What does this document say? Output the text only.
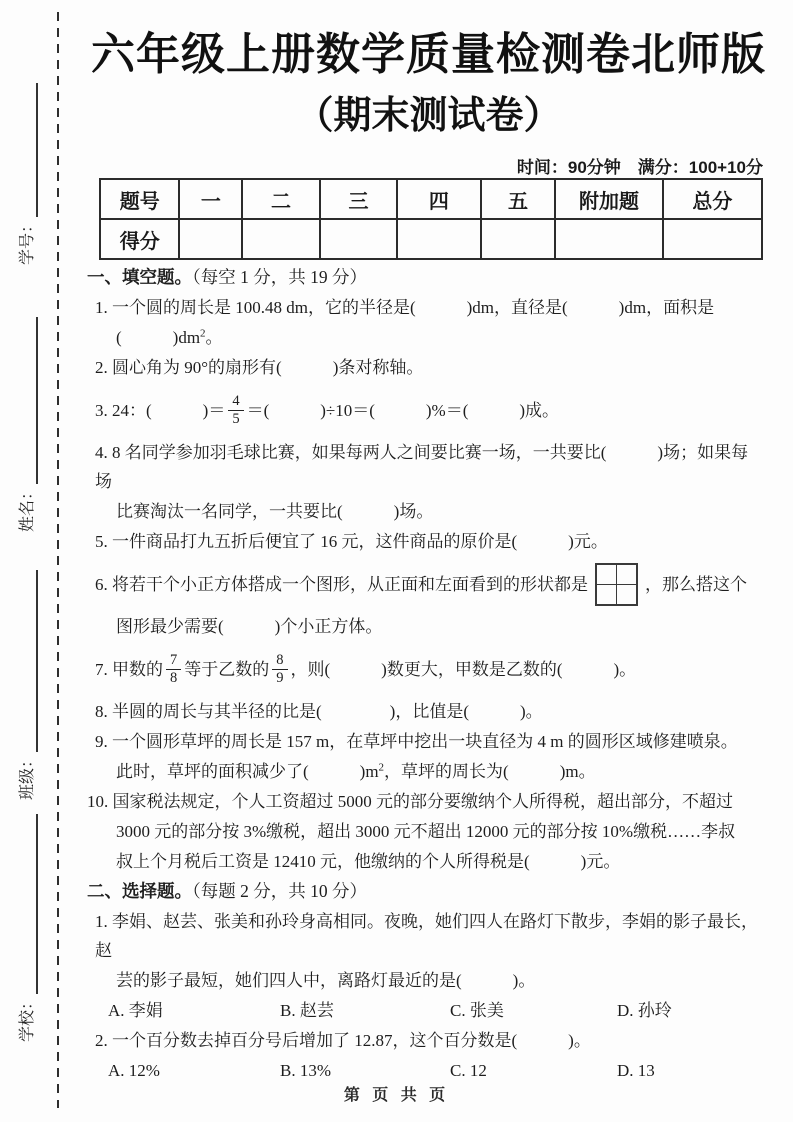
学号：
姓名：
班级：
学校：
六年级上册数学质量检测卷北师版
（期末测试卷）
时间：90分钟　满分：100+10分
题号	一	二	三	四	五	附加题	总分
得分							

一、填空题。（每空 1 分，共 19 分）

1. 一个圆的周长是 100.48 dm，它的半径是(　　　)dm，直径是(　　　)dm，面积是

(　　　)$dm^2$。

2. 圆心角为 90°的扇形有(　　　)条对称轴。

3. 24：(　　　)＝ $\frac{4}{5}$ ＝(　　　)÷10＝(　　　)%＝(　　　)成。

4. 8 名同学参加羽毛球比赛，如果每两人之间要比赛一场，一共要比(　　　)场；如果每场

比赛淘汰一名同学，一共要比(　　　)场。

5. 一件商品打九五折后便宜了 16 元，这件商品的原价是(　　　)元。

6. 将若干个小正方体搭成一个图形，从正面和左面看到的形状都是	，那么搭这个

图形最少需要(　　　)个小正方体。

7. 甲数的 $\frac{7}{8}$ 等于乙数的 $\frac{8}{9}$ ，则(　　　)数更大，甲数是乙数的(　　　)。

8. 半圆的周长与其半径的比是(　　　　)，比值是(　　　)。

9. 一个圆形草坪的周长是 157 m，在草坪中挖出一块直径为 4 m 的圆形区域修建喷泉。

此时，草坪的面积减少了(　　　)$m^2$，草坪的周长为(　　　)m。

10. 国家税法规定，个人工资超过 5000 元的部分要缴纳个人所得税，超出部分，不超过

3000 元的部分按 3%缴税，超出 3000 元不超出 12000 元的部分按 10%缴税……李叔

叔上个月税后工资是 12410 元，他缴纳的个人所得税是(　　　)元。

二、选择题。（每题 2 分，共 10 分）

1. 李娟、赵芸、张美和孙玲身高相同。夜晚，她们四人在路灯下散步，李娟的影子最长，赵

芸的影子最短，她们四人中，离路灯最近的是(　　　)。

A. 李娟	B. 赵芸	C. 张美	D. 孙玲

2. 一个百分数去掉百分号后增加了 12.87，这个百分数是(　　　)。

A. 12%	B. 13%	C. 12	D. 13
第 页 共 页
